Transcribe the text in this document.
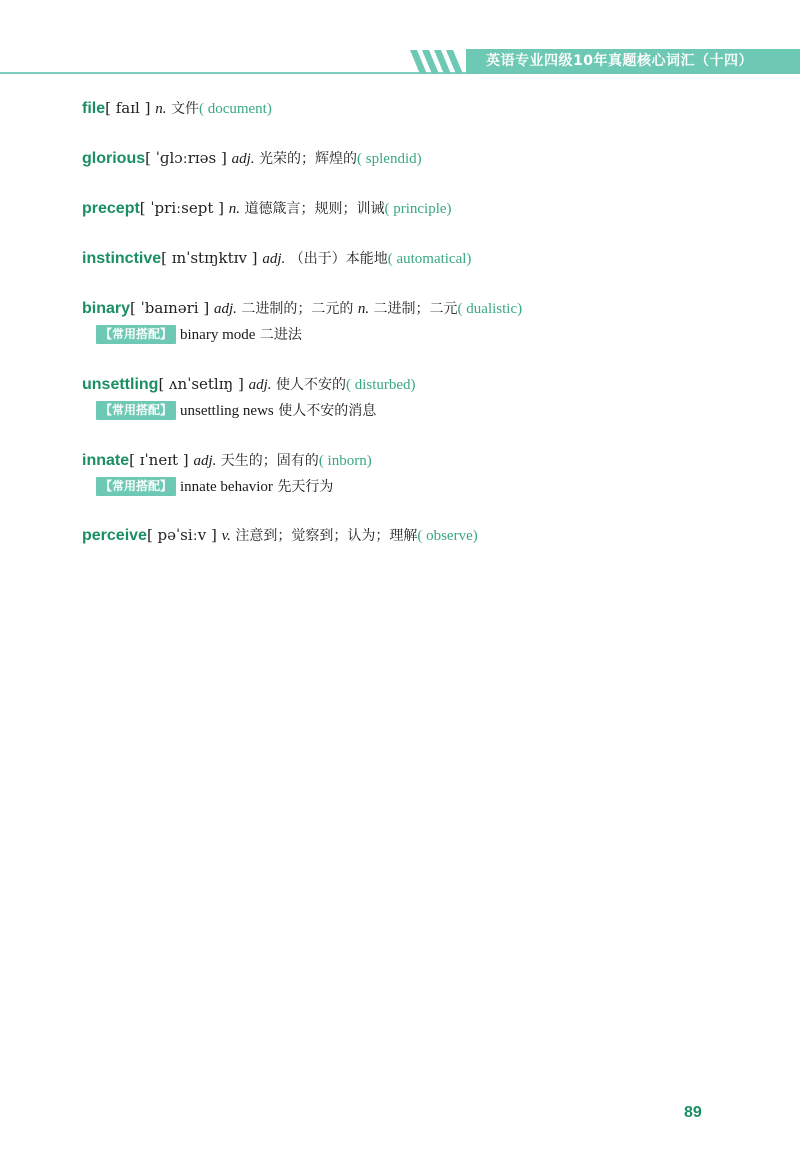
英语专业四级10年真题核心词汇（十四）
file[ faɪl ] n. 文件( document)
glorious[ ˈɡlɔːrɪəs ] adj. 光荣的；辉煌的( splendid)
precept[ ˈpriːsept ] n. 道德箴言；规则；训诫( principle)
instinctive[ ɪnˈstɪŋktɪv ] adj. （出于）本能地( automatical)
binary[ ˈbaɪnəri ] adj. 二进制的；二元的 n. 二进制；二元( dualistic)
【常用搭配】 binary mode 二进法
unsettling[ ʌnˈsetlɪŋ ] adj. 使人不安的( disturbed)
【常用搭配】 unsettling news 使人不安的消息
innate[ ɪˈneɪt ] adj. 天生的；固有的( inborn)
【常用搭配】 innate behavior 先天行为
perceive[ pəˈsiːv ] v. 注意到；觉察到；认为；理解( observe)
89
